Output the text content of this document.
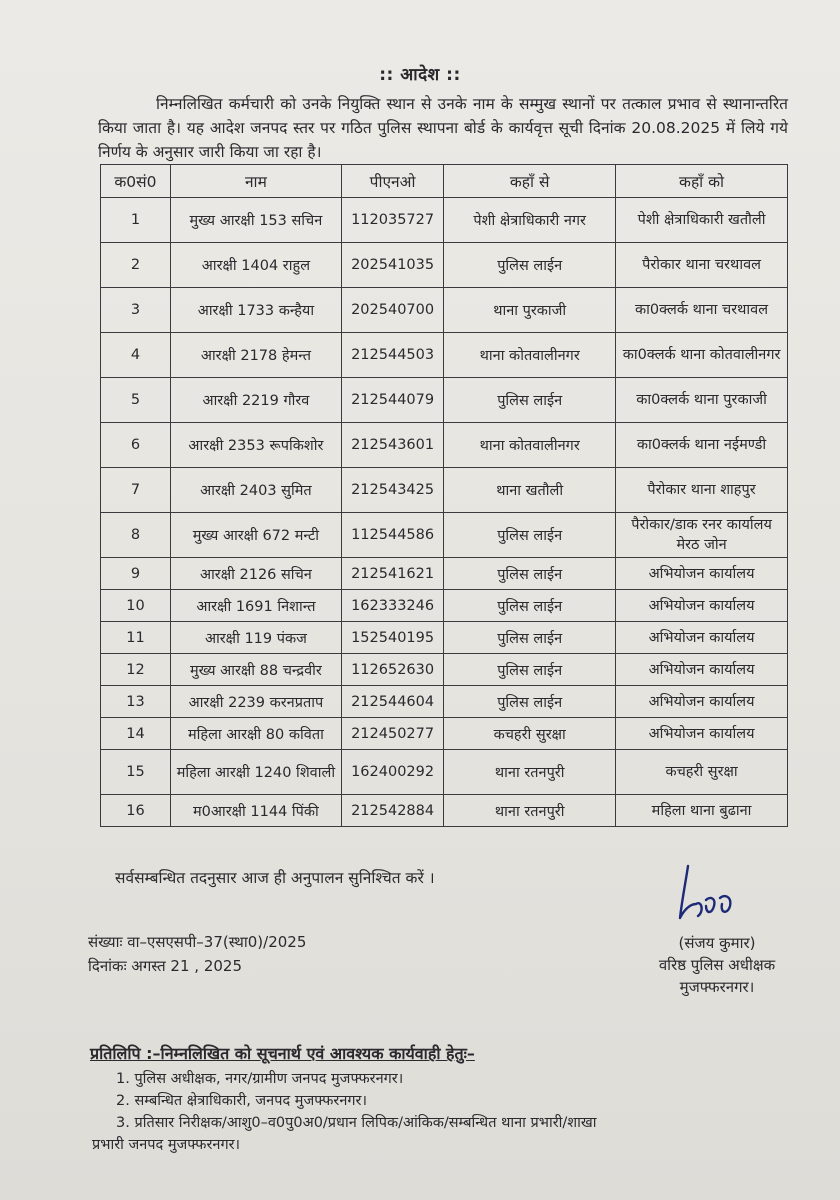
:: आदेश ::
निम्नलिखित कर्मचारी को उनके नियुक्ति स्थान से उनके नाम के सम्मुख स्थानों पर तत्काल प्रभाव से स्थानान्तरित किया जाता है। यह आदेश जनपद स्तर पर गठित पुलिस स्थापना बोर्ड के कार्यवृत्त सूची दिनांक 20.08.2025 में लिये गये निर्णय के अनुसार जारी किया जा रहा है।
क0सं0	नाम	पीएनओ	कहाँ से	कहाँ को
1	मुख्य आरक्षी 153 सचिन	112035727	पेशी क्षेत्राधिकारी नगर	पेशी क्षेत्राधिकारी खतौली
2	आरक्षी 1404 राहुल	202541035	पुलिस लाईन	पैरोकार थाना चरथावल
3	आरक्षी 1733 कन्हैया	202540700	थाना पुरकाजी	का0क्लर्क थाना चरथावल
4	आरक्षी 2178 हेमन्त	212544503	थाना कोतवालीनगर	का0क्लर्क थाना कोतवालीनगर
5	आरक्षी 2219 गौरव	212544079	पुलिस लाईन	का0क्लर्क थाना पुरकाजी
6	आरक्षी 2353 रूपकिशोर	212543601	थाना कोतवालीनगर	का0क्लर्क थाना नईमण्डी
7	आरक्षी 2403 सुमित	212543425	थाना खतौली	पैरोकार थाना शाहपुर
8	मुख्य आरक्षी 672 मन्टी	112544586	पुलिस लाईन	पैरोकार/डाक रनर कार्यालय मेरठ जोन
9	आरक्षी 2126 सचिन	212541621	पुलिस लाईन	अभियोजन कार्यालय
10	आरक्षी 1691 निशान्त	162333246	पुलिस लाईन	अभियोजन कार्यालय
11	आरक्षी 119 पंकज	152540195	पुलिस लाईन	अभियोजन कार्यालय
12	मुख्य आरक्षी 88 चन्द्रवीर	112652630	पुलिस लाईन	अभियोजन कार्यालय
13	आरक्षी 2239 करनप्रताप	212544604	पुलिस लाईन	अभियोजन कार्यालय
14	महिला आरक्षी 80 कविता	212450277	कचहरी सुरक्षा	अभियोजन कार्यालय
15	महिला आरक्षी 1240 शिवाली	162400292	थाना रतनपुरी	कचहरी सुरक्षा
16	म0आरक्षी 1144 पिंकी	212542884	थाना रतनपुरी	महिला थाना बुढाना
सर्वसम्बन्धित तदनुसार आज ही अनुपालन सुनिश्चित करें ।
संख्याः वा–एसएसपी–37(स्था0)/2025
दिनांकः अगस्त 21 , 2025
(संजय कुमार)
वरिष्ठ पुलिस अधीक्षक
मुजफ्फरनगर।
प्रतिलिपि :–निम्नलिखित को सूचनार्थ एवं आवश्यक कार्यवाही हेतुः–
1. पुलिस अधीक्षक, नगर/ग्रामीण जनपद मुजफ्फरनगर।
2. सम्बन्धित क्षेत्राधिकारी, जनपद मुजफ्फरनगर।
3. प्रतिसार निरीक्षक/आशु0–व0पु0अ0/प्रधान लिपिक/आंकिक/सम्बन्धित थाना प्रभारी/शाखा
प्रभारी जनपद मुजफ्फरनगर।
